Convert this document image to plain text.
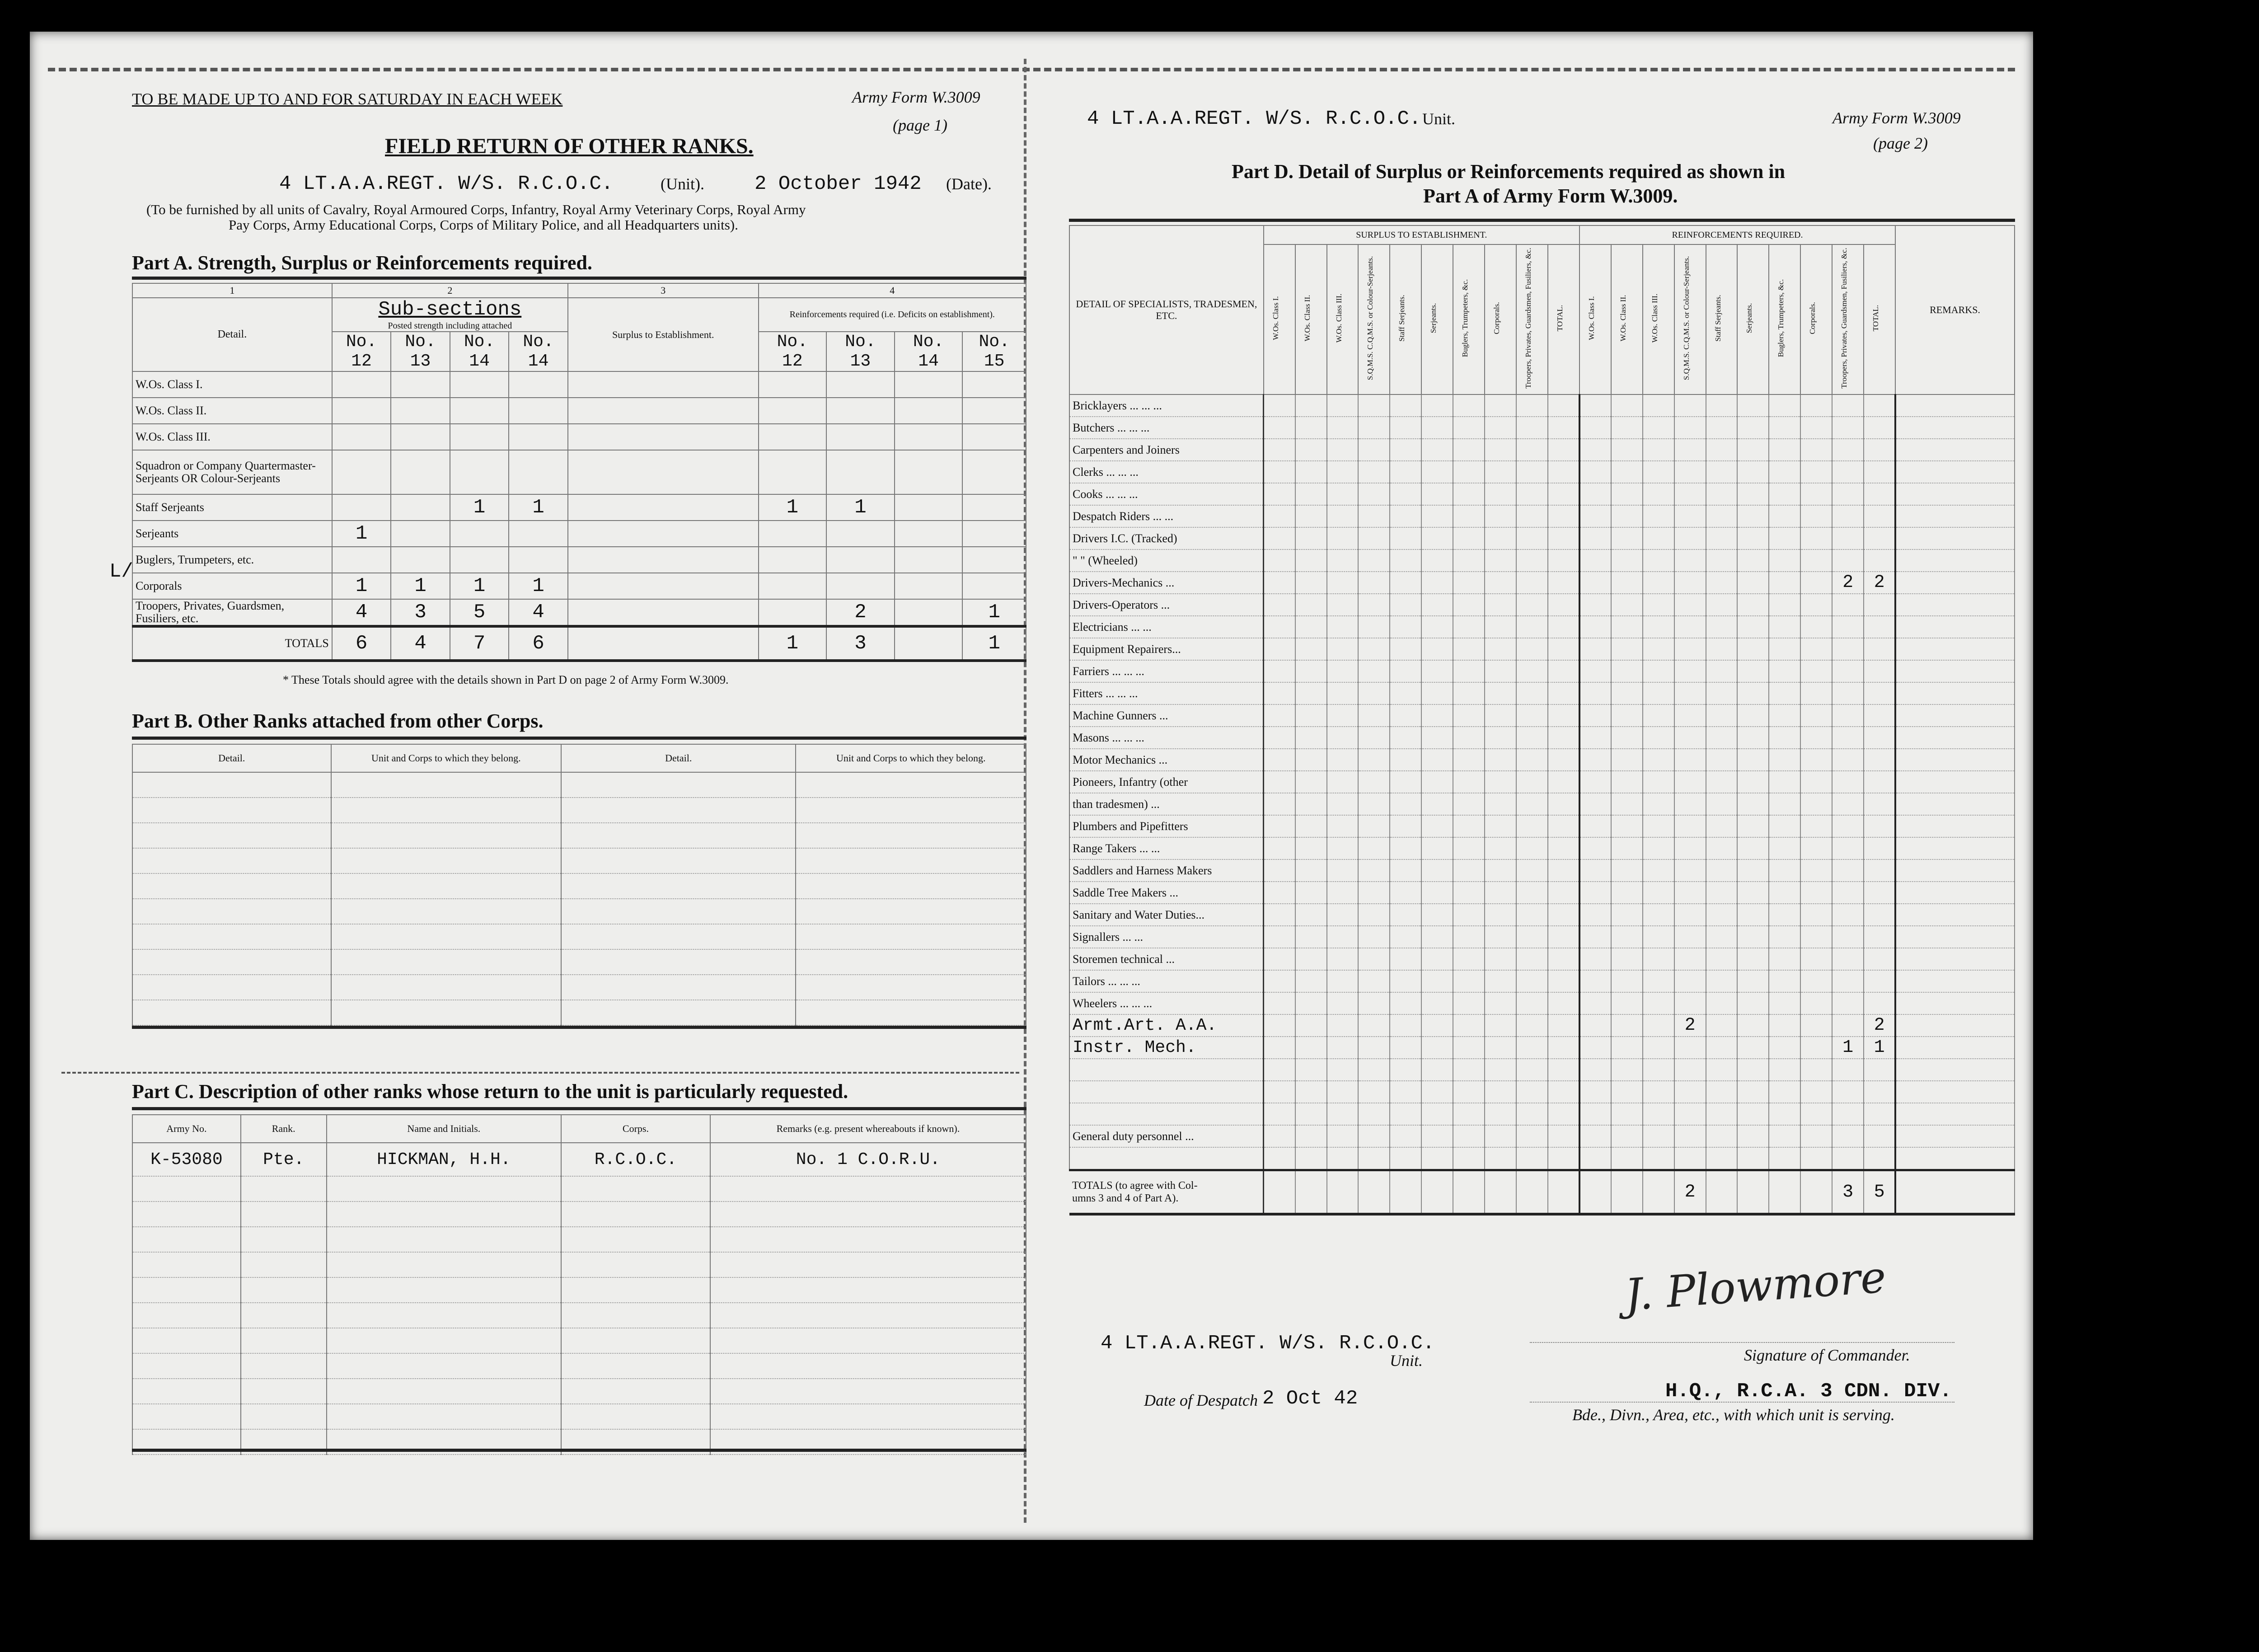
TO BE MADE UP TO AND FOR SATURDAY IN EACH WEEK	Army Form W.3009
(page 1)
FIELD RETURN OF OTHER RANKS.
4 LT.A.A.REGT. W/S. R.C.O.C.	(Unit).	2 October 1942 (Date).
(To be furnished by all units of Cavalry, Royal Armoured Corps, Infantry, Royal Army Veterinary Corps, Royal Army
Pay Corps, Army Educational Corps, Corps of Military Police, and all Headquarters units).
Part A. Strength, Surplus or Reinforcements required.
1	2				3	4			
Detail.	Sub-sections
Posted strength including attached				Surplus to Establishment.	Reinforcements required (i.e. Deficits on establishment).			
	No. 12	No. 13	No. 14	No. 14		No. 12	No. 13	No. 14	No. 15
W.Os. Class I.									
W.Os. Class II.									
W.Os. Class III.									
Squadron or Company Quartermaster-Serjeants OR Colour-Serjeants									
Staff Serjeants			1	1		1	1		
Serjeants	1								
Buglers, Trumpeters, etc.									
Corporals	1	1	1	1					
Troopers, Privates, Guardsmen, Fusiliers, etc.	4	3	5	4			2		1
TOTALS	6	4	7	6		1	3		1
* These Totals should agree with the details shown in Part D on page 2 of Army Form W.3009.
Part B. Other Ranks attached from other Corps.
Detail.	Unit and Corps to which they belong.	Detail.	Unit and Corps to which they belong.

Part C. Description of other ranks whose return to the unit is particularly requested.
Army No.	Rank.	Name and Initials.	Corps.	Remarks (e.g. present whereabouts if known).
K-53080	Pte.	HICKMAN, H.H.	R.C.O.C.	No. 1 C.O.R.U.

L/
4 LT.A.A.REGT. W/S. R.C.O.C. Unit.	Army Form W.3009
(page 2)
Part D. Detail of Surplus or Reinforcements required as shown in
Part A of Army Form W.3009.
DETAIL OF SPECIALISTS, TRADESMEN, ETC.	SURPLUS TO ESTABLISHMENT.										REINFORCEMENTS REQUIRED.										REMARKS.

	W.Os. Class I.	W.Os. Class II.	W.Os. Class III.	S.Q.M.S. C.Q.M.S. or Colour-Serjeants.	Staff Serjeants.	Serjeants.	Buglers, Trumpeters, &c.	Corporals.	Troopers, Privates, Guardsmen, Fusiliers, &c.	TOTAL.	W.Os. Class I.	W.Os. Class II.	W.Os. Class III.	S.Q.M.S. C.Q.M.S. or Colour-Serjeants.	Staff Serjeants.	Serjeants.	Buglers, Trumpeters, &c.	Corporals.	Troopers, Privates, Guardsmen, Fusiliers, &c.	TOTAL.	

Bricklayers ... ... ...																					
Butchers ... ... ...																					
Carpenters and Joiners																					
Clerks ... ... ...																					
Cooks ... ... ...																					
Despatch Riders ... ...																					
Drivers I.C. (Tracked)																					
" " (Wheeled)																					
Drivers-Mechanics ...																			2	2	
Drivers-Operators ...																					
Electricians ... ...																					
Equipment Repairers...																					
Farriers ... ... ...																					
Fitters ... ... ...																					
Machine Gunners ...																					
Masons ... ... ...																					
Motor Mechanics ...																					
Pioneers, Infantry (other																					
than tradesmen) ...																					
Plumbers and Pipefitters																					
Range Takers ... ...																					
Saddlers and Harness Makers																					
Saddle Tree Makers ...																					
Sanitary and Water Duties...																					
Signallers ... ...																					
Storemen technical ...																					
Tailors ... ... ...																					
Wheelers ... ... ...																					
Armt.Art. A.A.														2						2	
Instr. Mech.																			1	1	

General duty personnel ...																					

TOTALS (to agree with Col-
umns 3 and 4 of Part A).														2					3	5	
4 LT.A.A.REGT. W/S. R.C.O.C.
Unit.
J. Plowmore
Signature of Commander.
Date of Despatch 2 Oct 42	H.Q., R.C.A. 3 CDN. DIV.
Bde., Divn., Area, etc., with which unit is serving.
